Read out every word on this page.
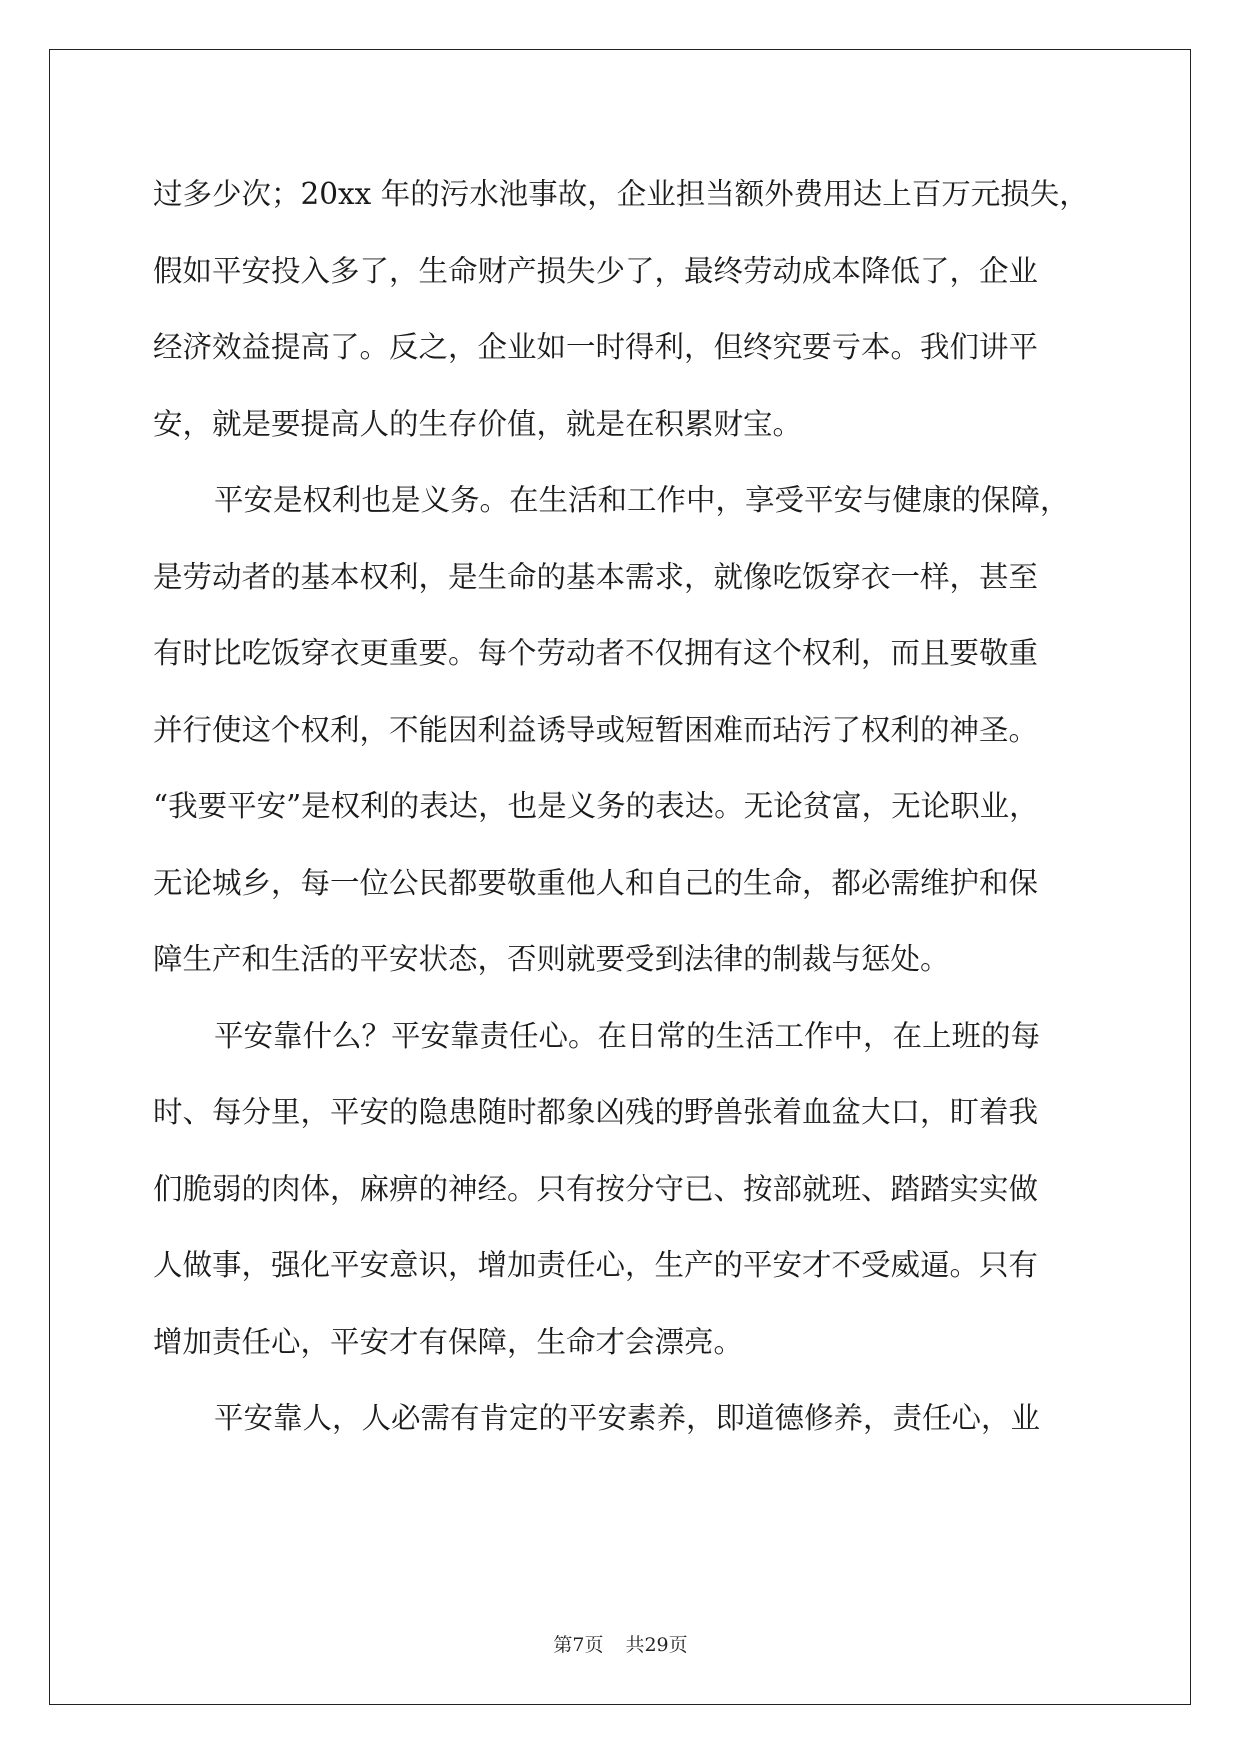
过多少次；20xx 年的污水池事故，企业担当额外费用达上百万元损失，
假如平安投入多了，生命财产损失少了，最终劳动成本降低了，企业
经济效益提高了。反之，企业如一时得利，但终究要亏本。我们讲平
安，就是要提高人的生存价值，就是在积累财宝。
平安是权利也是义务。在生活和工作中，享受平安与健康的保障，
是劳动者的基本权利，是生命的基本需求，就像吃饭穿衣一样，甚至
有时比吃饭穿衣更重要。每个劳动者不仅拥有这个权利，而且要敬重
并行使这个权利，不能因利益诱导或短暂困难而玷污了权利的神圣。
“我要平安”是权利的表达，也是义务的表达。无论贫富，无论职业，
无论城乡，每一位公民都要敬重他人和自己的生命，都必需维护和保
障生产和生活的平安状态，否则就要受到法律的制裁与惩处。
平安靠什么？平安靠责任心。在日常的生活工作中，在上班的每
时、每分里，平安的隐患随时都象凶残的野兽张着血盆大口，盯着我
们脆弱的肉体，麻痹的神经。只有按分守已、按部就班、踏踏实实做
人做事，强化平安意识，增加责任心，生产的平安才不受威逼。只有
增加责任心，平安才有保障，生命才会漂亮。
平安靠人，人必需有肯定的平安素养，即道德修养，责任心，业
第7页 共29页
